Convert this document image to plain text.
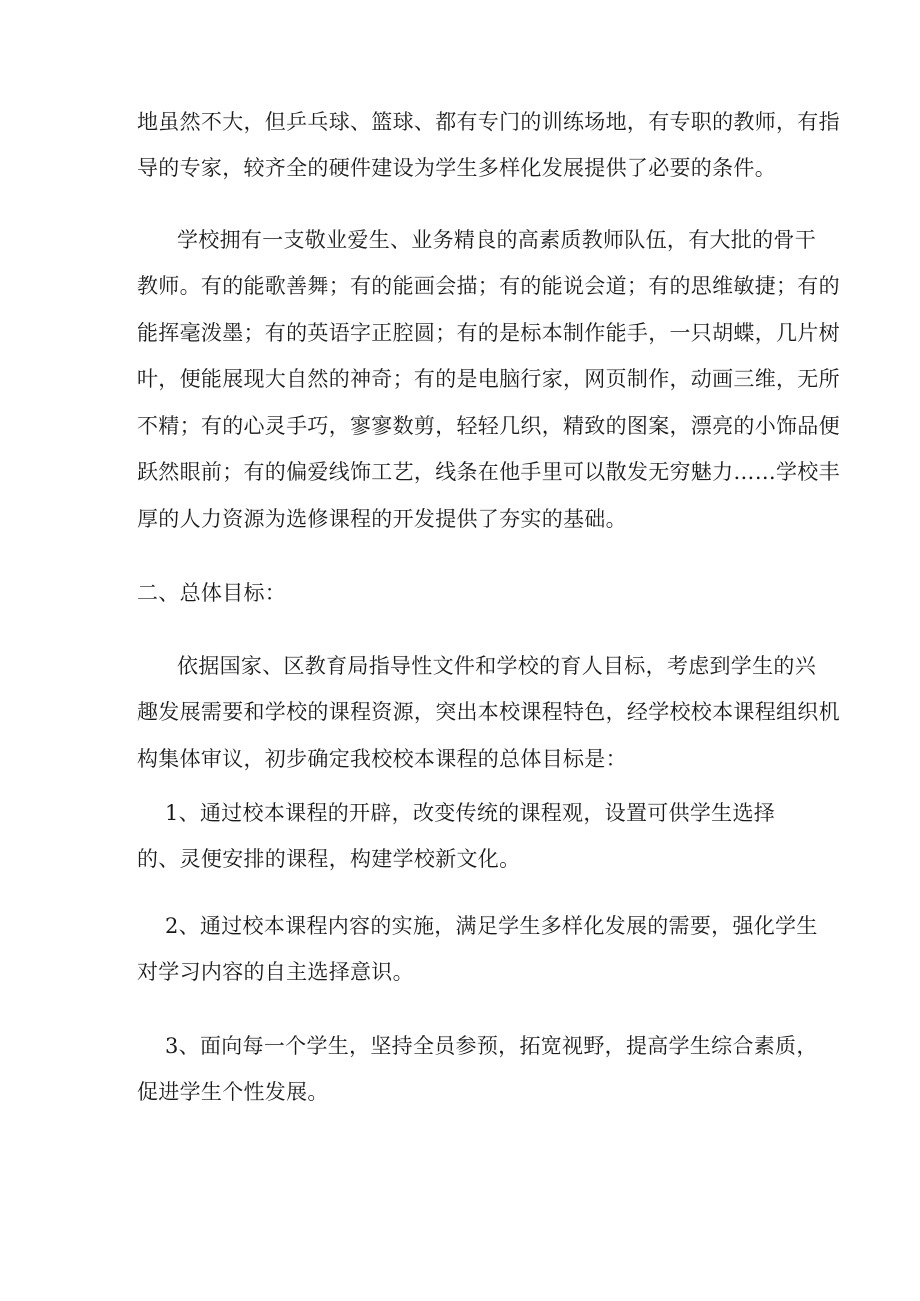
地虽然不大，但乒乓球、篮球、都有专门的训练场地，有专职的教师，有指
导的专家，较齐全的硬件建设为学生多样化发展提供了必要的条件。
学校拥有一支敬业爱生、业务精良的高素质教师队伍，有大批的骨干
教师。有的能歌善舞；有的能画会描；有的能说会道；有的思维敏捷；有的
能挥毫泼墨；有的英语字正腔圆；有的是标本制作能手，一只胡蝶，几片树
叶，便能展现大自然的神奇；有的是电脑行家，网页制作，动画三维，无所
不精；有的心灵手巧，寥寥数剪，轻轻几织，精致的图案，漂亮的小饰品便
跃然眼前；有的偏爱线饰工艺，线条在他手里可以散发无穷魅力……学校丰
厚的人力资源为选修课程的开发提供了夯实的基础。
二、总体目标：
依据国家、区教育局指导性文件和学校的育人目标，考虑到学生的兴
趣发展需要和学校的课程资源，突出本校课程特色，经学校校本课程组织机
构集体审议，初步确定我校校本课程的总体目标是：
1、通过校本课程的开辟，改变传统的课程观，设置可供学生选择
的、灵便安排的课程，构建学校新文化。
2、通过校本课程内容的实施，满足学生多样化发展的需要，强化学生
对学习内容的自主选择意识。
3、面向每一个学生，坚持全员参预，拓宽视野，提高学生综合素质，
促进学生个性发展。
